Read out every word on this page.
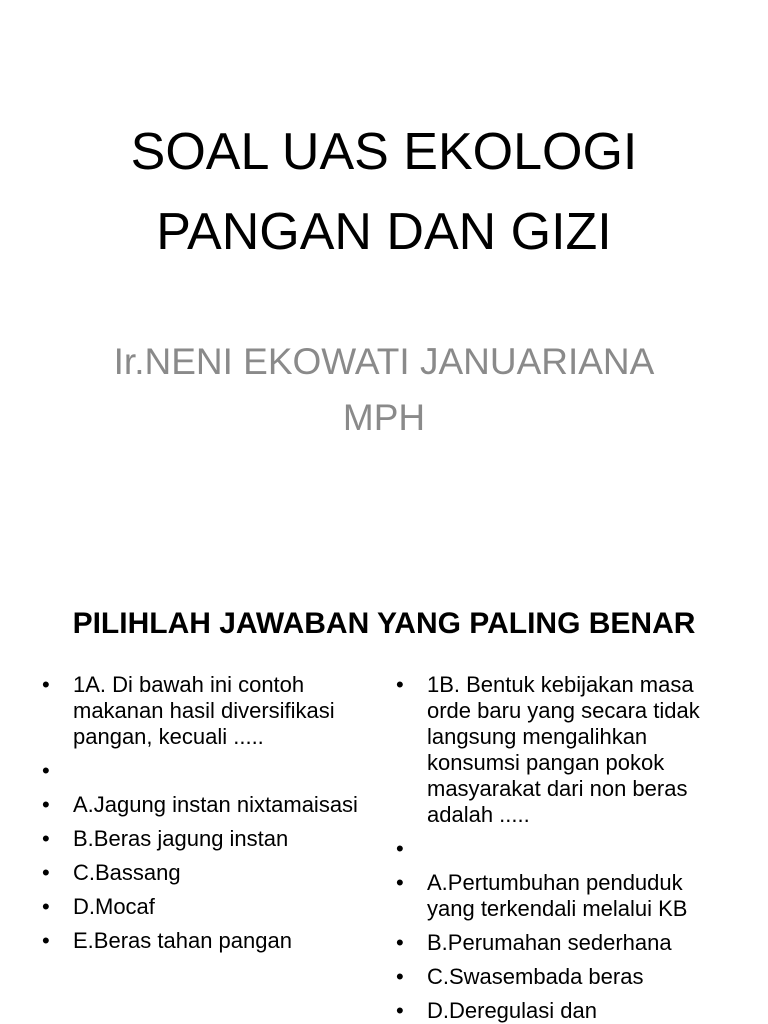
SOAL UAS EKOLOGI
PANGAN DAN GIZI

Ir.NENI EKOWATI JANUARIANA
MPH

PILIHLAH JAWABAN YANG PALING BENAR
• 1A. Di bawah ini contoh makanan hasil diversifikasi pangan, kecuali .....
•
• A.Jagung instan nixtamaisasi
• B.Beras jagung instan
• C.Bassang
• D.Mocaf
• E.Beras tahan pangan
• 1B. Bentuk kebijakan masa orde baru yang secara tidak langsung mengalihkan konsumsi pangan pokok masyarakat dari non beras adalah .....
•
• A.Pertumbuhan penduduk yang terkendali melalui KB
• B.Perumahan sederhana
• C.Swasembada beras
• D.Deregulasi dan
